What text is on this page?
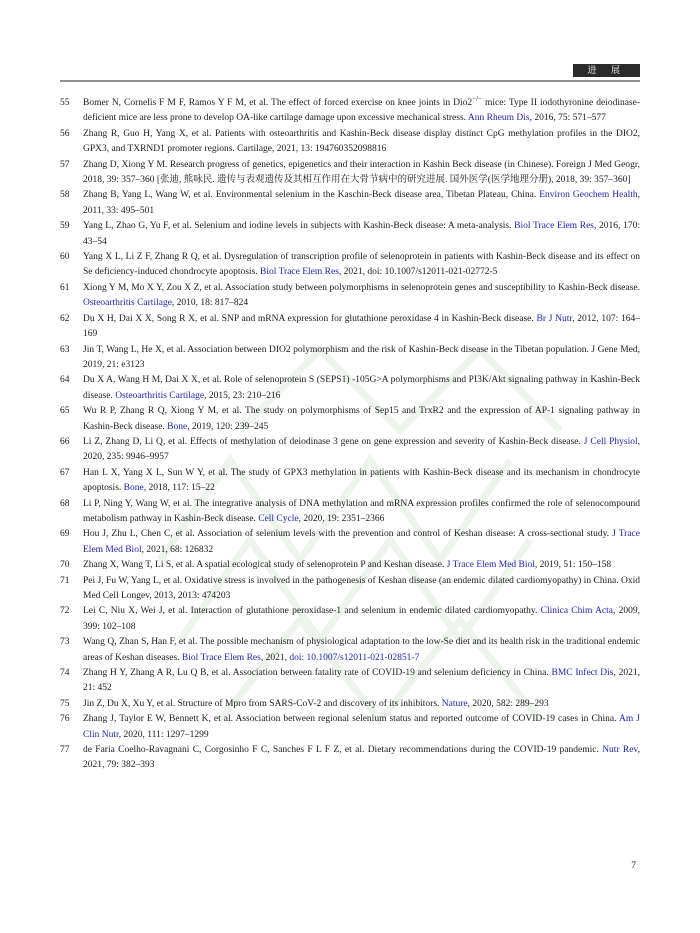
进 展
55	Bomer N, Cornelis F M F, Ramos Y F M, et al. The effect of forced exercise on knee joints in Dio2−/− mice: Type II iodothyronine deiodinase-deficient mice are less prone to develop OA-like cartilage damage upon excessive mechanical stress. Ann Rheum Dis, 2016, 75: 571–577
56	Zhang R, Guo H, Yang X, et al. Patients with osteoarthritis and Kashin-Beck disease display distinct CpG methylation profiles in the DIO2, GPX3, and TXRND1 promoter regions. Cartilage, 2021, 13: 194760352098816
57	Zhang D, Xiong Y M. Research progress of genetics, epigenetics and their interaction in Kashin Beck disease (in Chinese). Foreign J Med Geogr, 2018, 39: 357–360 [张迪, 熊咏民. 遗传与表观遗传及其相互作用在大骨节病中的研究进展. 国外医学(医学地理分册), 2018, 39: 357–360]
58	Zhang B, Yang L, Wang W, et al. Environmental selenium in the Kaschin-Beck disease area, Tibetan Plateau, China. Environ Geochem Health, 2011, 33: 495–501
59	Yang L, Zhao G, Yu F, et al. Selenium and iodine levels in subjects with Kashin-Beck disease: A meta-analysis. Biol Trace Elem Res, 2016, 170: 43–54
60	Yang X L, Li Z F, Zhang R Q, et al. Dysregulation of transcription profile of selenoprotein in patients with Kashin-Beck disease and its effect on Se deficiency-induced chondrocyte apoptosis. Biol Trace Elem Res, 2021, doi: 10.1007/s12011-021-02772-5
61	Xiong Y M, Mo X Y, Zou X Z, et al. Association study between polymorphisms in selenoprotein genes and susceptibility to Kashin-Beck disease. Osteoarthritis Cartilage, 2010, 18: 817–824
62	Du X H, Dai X X, Song R X, et al. SNP and mRNA expression for glutathione peroxidase 4 in Kashin-Beck disease. Br J Nutr, 2012, 107: 164–169
63	Jin T, Wang L, He X, et al. Association between DIO2 polymorphism and the risk of Kashin-Beck disease in the Tibetan population. J Gene Med, 2019, 21: e3123
64	Du X A, Wang H M, Dai X X, et al. Role of selenoprotein S (SEPS1) -105G>A polymorphisms and PI3K/Akt signaling pathway in Kashin-Beck disease. Osteoarthritis Cartilage, 2015, 23: 210–216
65	Wu R P, Zhang R Q, Xiong Y M, et al. The study on polymorphisms of Sep15 and TrxR2 and the expression of AP-1 signaling pathway in Kashin-Beck disease. Bone, 2019, 120: 239–245
66	Li Z, Zhang D, Li Q, et al. Effects of methylation of deiodinase 3 gene on gene expression and severity of Kashin-Beck disease. J Cell Physiol, 2020, 235: 9946–9957
67	Han L X, Yang X L, Sun W Y, et al. The study of GPX3 methylation in patients with Kashin-Beck disease and its mechanism in chondrocyte apoptosis. Bone, 2018, 117: 15–22
68	Li P, Ning Y, Wang W, et al. The integrative analysis of DNA methylation and mRNA expression profiles confirmed the role of selenocompound metabolism pathway in Kashin-Beck disease. Cell Cycle, 2020, 19: 2351–2366
69	Hou J, Zhu L, Chen C, et al. Association of selenium levels with the prevention and control of Keshan disease: A cross-sectional study. J Trace Elem Med Biol, 2021, 68: 126832
70	Zhang X, Wang T, Li S, et al. A spatial ecological study of selenoprotein P and Keshan disease. J Trace Elem Med Biol, 2019, 51: 150–158
71	Pei J, Fu W, Yang L, et al. Oxidative stress is involved in the pathogenesis of Keshan disease (an endemic dilated cardiomyopathy) in China. Oxid Med Cell Longev, 2013, 2013: 474203
72	Lei C, Niu X, Wei J, et al. Interaction of glutathione peroxidase-1 and selenium in endemic dilated cardiomyopathy. Clinica Chim Acta, 2009, 399: 102–108
73	Wang Q, Zhan S, Han F, et al. The possible mechanism of physiological adaptation to the low-Se diet and its health risk in the traditional endemic areas of Keshan diseases. Biol Trace Elem Res, 2021, doi: 10.1007/s12011-021-02851-7
74	Zhang H Y, Zhang A R, Lu Q B, et al. Association between fatality rate of COVID-19 and selenium deficiency in China. BMC Infect Dis, 2021, 21: 452
75	Jin Z, Du X, Xu Y, et al. Structure of Mpro from SARS-CoV-2 and discovery of its inhibitors. Nature, 2020, 582: 289–293
76	Zhang J, Taylor E W, Bennett K, et al. Association between regional selenium status and reported outcome of COVID-19 cases in China. Am J Clin Nutr, 2020, 111: 1297–1299
77	de Faria Coelho-Ravagnani C, Corgosinho F C, Sanches F L F Z, et al. Dietary recommendations during the COVID-19 pandemic. Nutr Rev, 2021, 79: 382–393
7
